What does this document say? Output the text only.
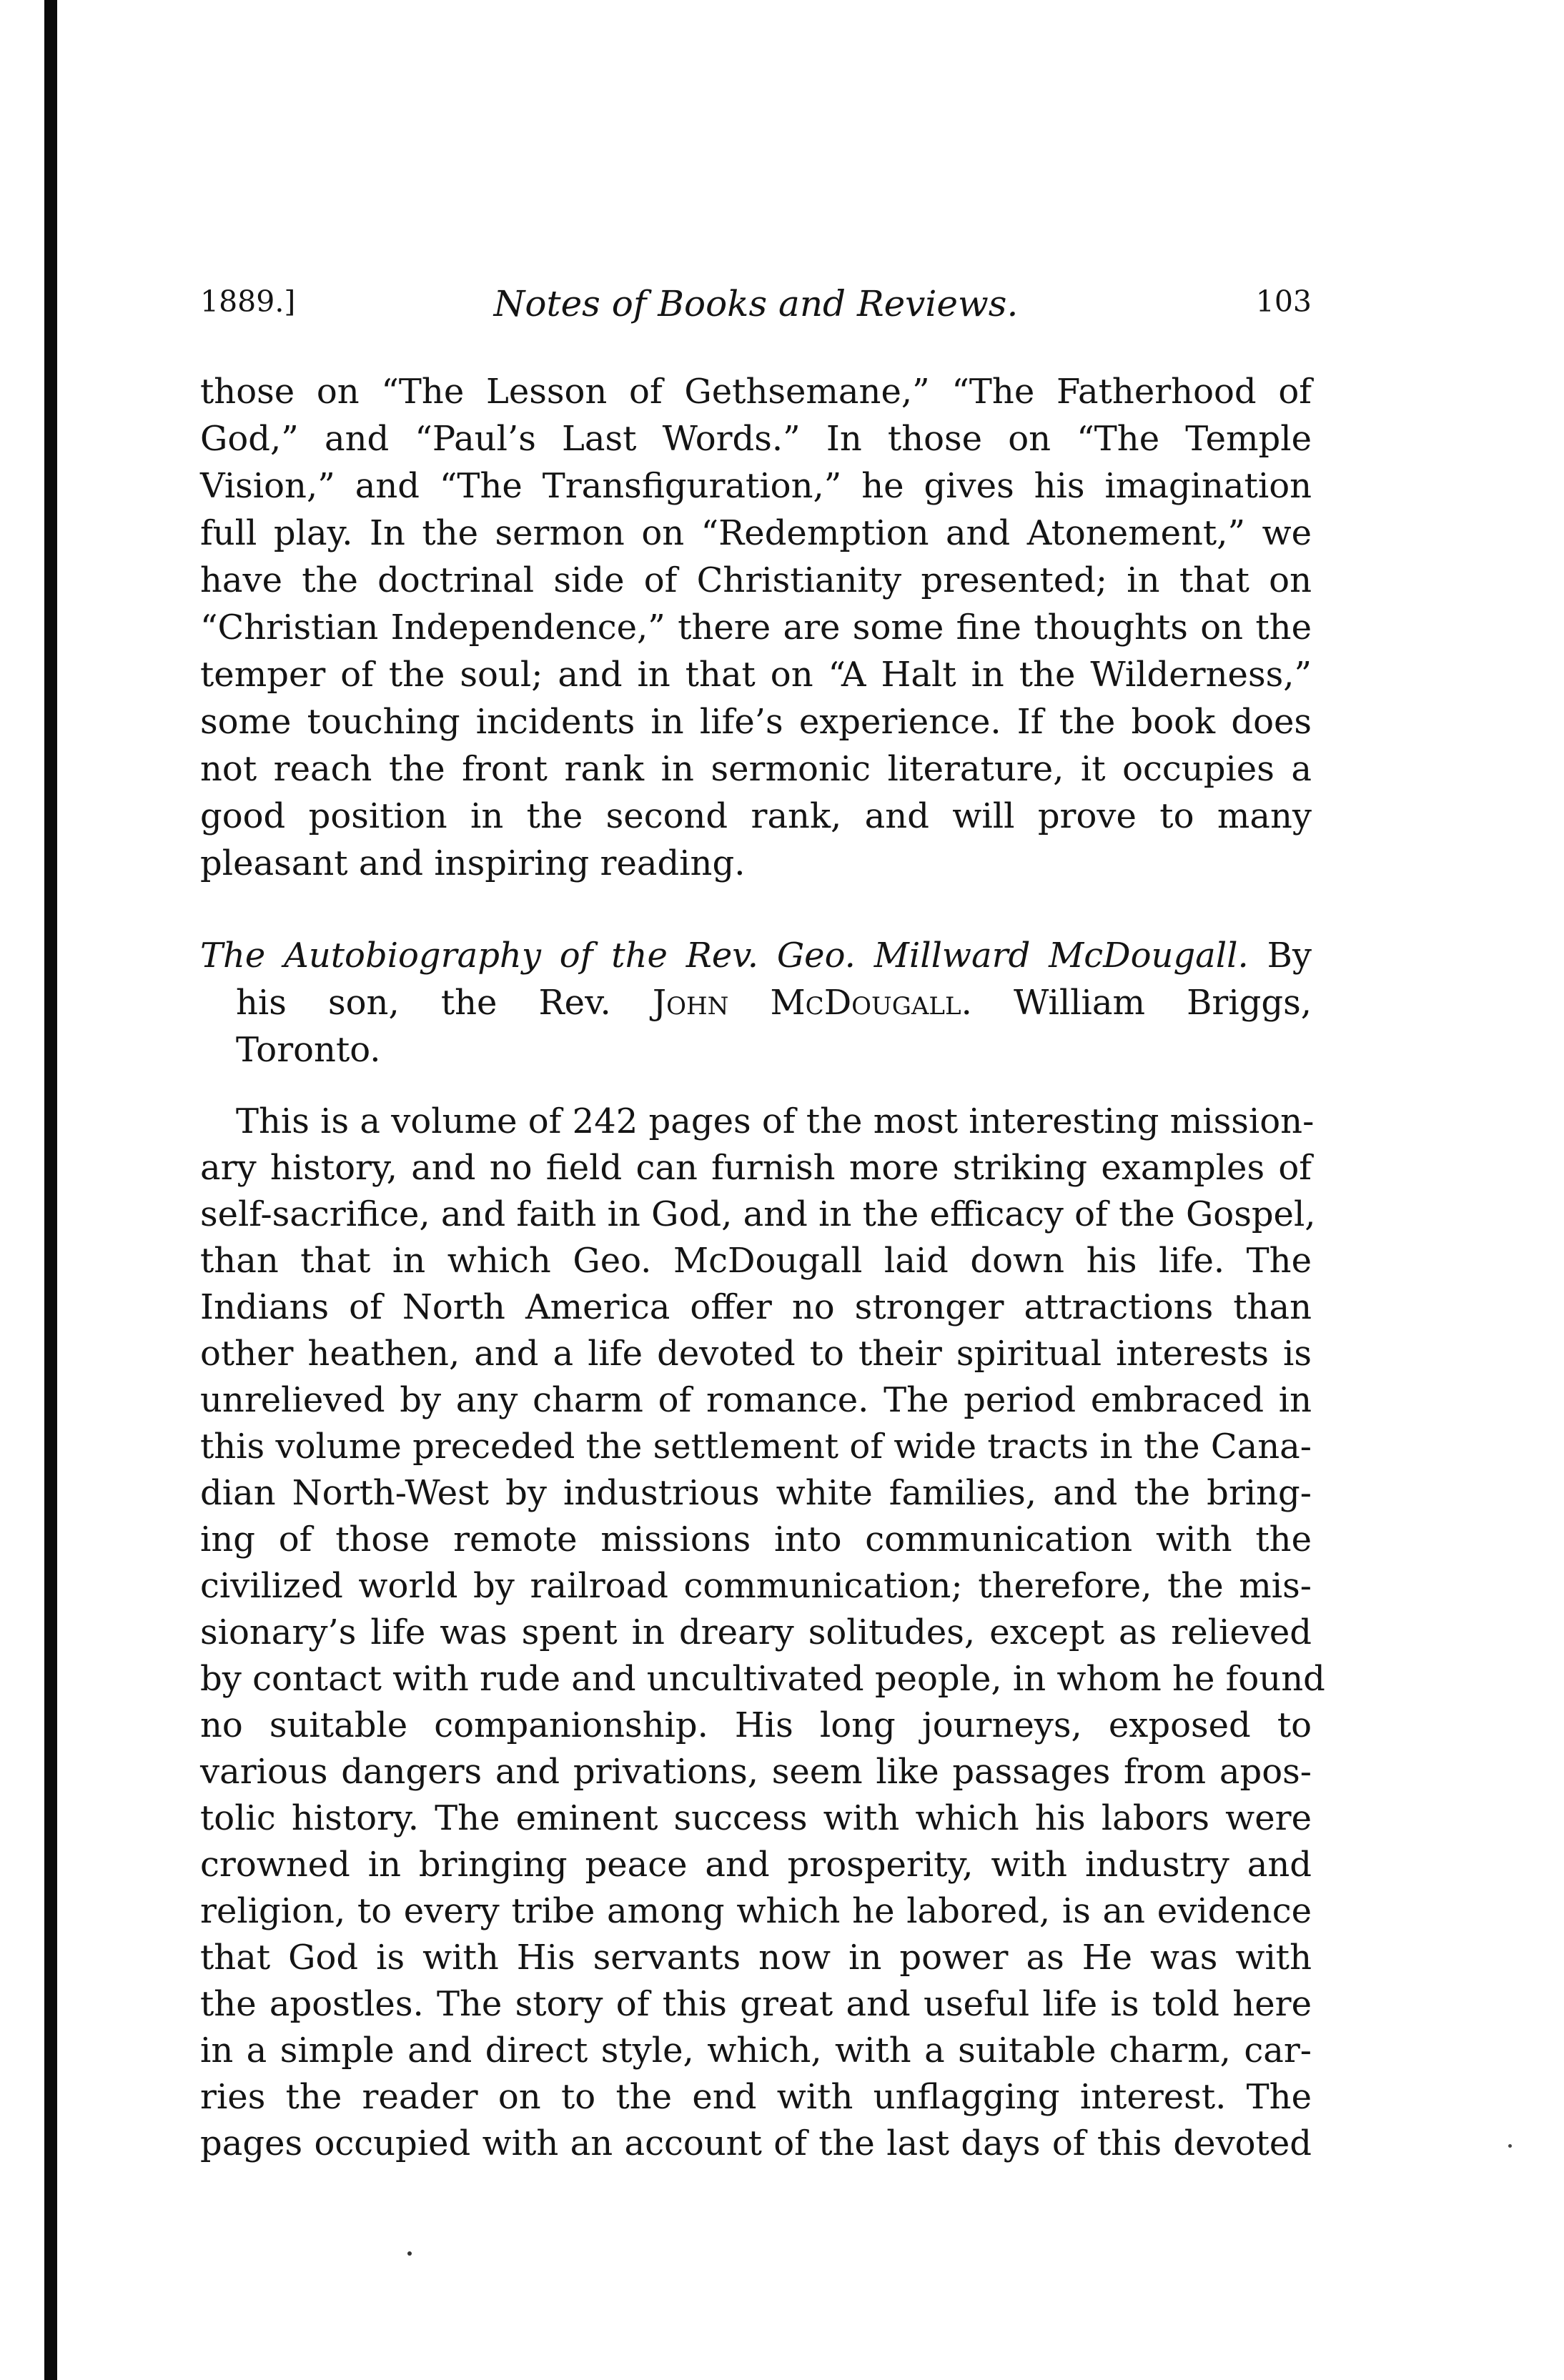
1889.]	Notes of Books and Reviews.	103
those on “The Lesson of Gethsemane,” “The Fatherhood of
God,” and “Paul’s Last Words.” In those on “The Temple
Vision,” and “The Transfiguration,” he gives his imagination
full play. In the sermon on “Redemption and Atonement,” we
have the doctrinal side of Christianity presented; in that on
“Christian Independence,” there are some fine thoughts on the
temper of the soul; and in that on “A Halt in the Wilderness,”
some touching incidents in life’s experience. If the book does
not reach the front rank in sermonic literature, it occupies a
good position in the second rank, and will prove to many
pleasant and inspiring reading.
The Autobiography of the Rev. Geo. Millward McDougall. By
his son, the Rev. John McDougall. William Briggs,
Toronto.
This is a volume of 242 pages of the most interesting mission-
ary history, and no field can furnish more striking examples of
self-sacrifice, and faith in God, and in the efficacy of the Gospel,
than that in which Geo. McDougall laid down his life. The
Indians of North America offer no stronger attractions than
other heathen, and a life devoted to their spiritual interests is
unrelieved by any charm of romance. The period embraced in
this volume preceded the settlement of wide tracts in the Cana-
dian North-West by industrious white families, and the bring-
ing of those remote missions into communication with the
civilized world by railroad communication; therefore, the mis-
sionary’s life was spent in dreary solitudes, except as relieved
by contact with rude and uncultivated people, in whom he found
no suitable companionship. His long journeys, exposed to
various dangers and privations, seem like passages from apos-
tolic history. The eminent success with which his labors were
crowned in bringing peace and prosperity, with industry and
religion, to every tribe among which he labored, is an evidence
that God is with His servants now in power as He was with
the apostles. The story of this great and useful life is told here
in a simple and direct style, which, with a suitable charm, car-
ries the reader on to the end with unflagging interest. The
pages occupied with an account of the last days of this devoted
